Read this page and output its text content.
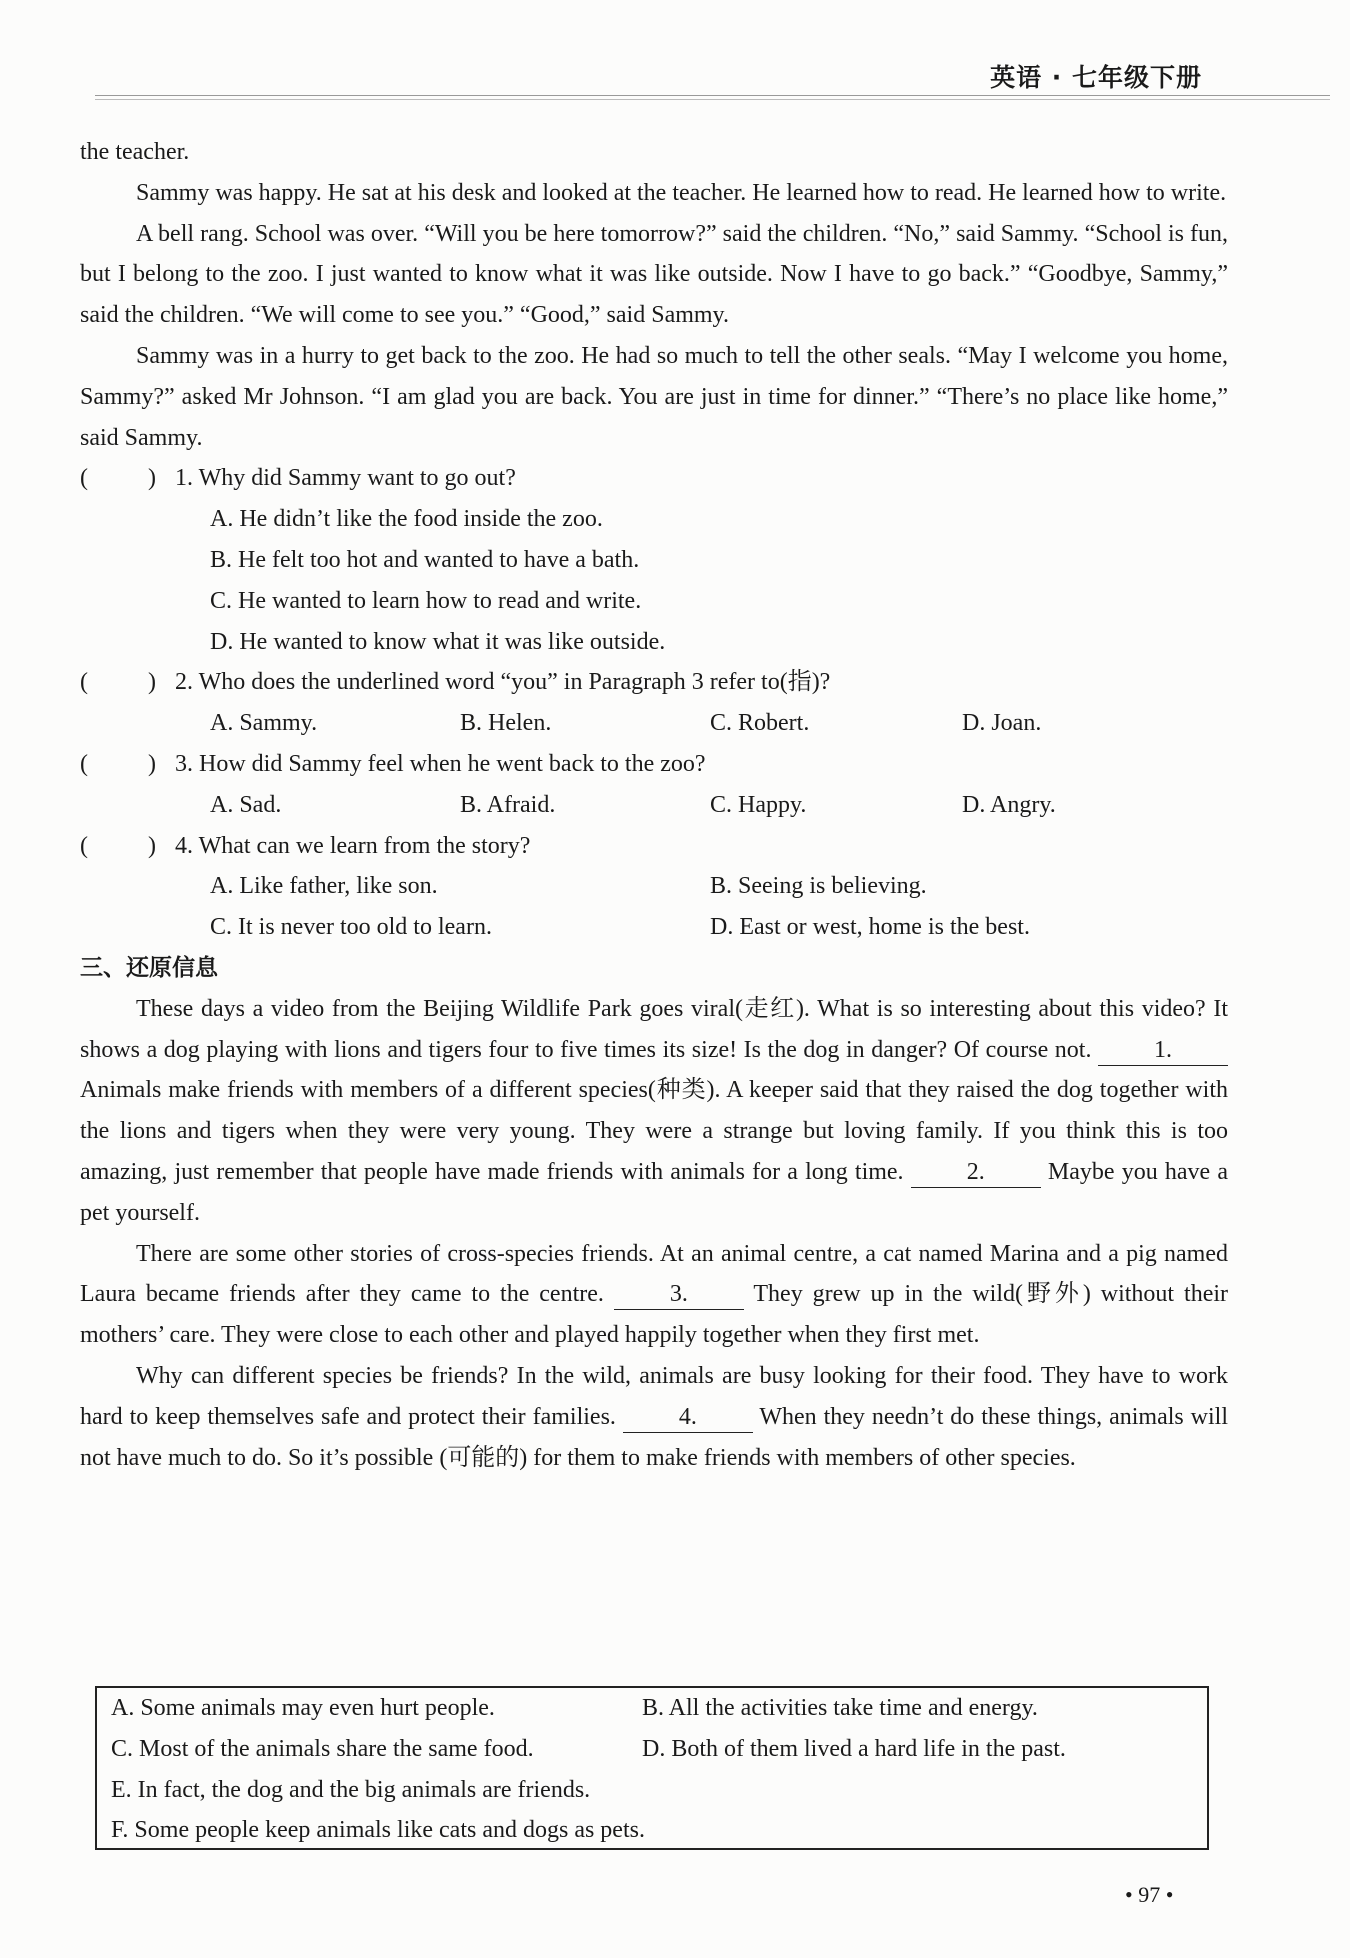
英语 · 七年级下册

the teacher.

Sammy was happy. He sat at his desk and looked at the teacher. He learned how to read. He learned how to write.

A bell rang. School was over. “Will you be here tomorrow?” said the children. “No,” said Sammy. “School is fun, but I belong to the zoo. I just wanted to know what it was like outside. Now I have to go back.” “Goodbye, Sammy,” said the children. “We will come to see you.” “Good,” said Sammy.

Sammy was in a hurry to get back to the zoo. He had so much to tell the other seals. “May I welcome you home, Sammy?” asked Mr Johnson. “I am glad you are back. You are just in time for dinner.” “There’s no place like home,” said Sammy.

(	) 1. Why did Sammy want to go out?
A. He didn’t like the food inside the zoo.
B. He felt too hot and wanted to have a bath.
C. He wanted to learn how to read and write.
D. He wanted to know what it was like outside.
(	) 2. Who does the underlined word “you” in Paragraph 3 refer to(指)?
A. Sammy.	B. Helen.	C. Robert.	D. Joan.
(	) 3. How did Sammy feel when he went back to the zoo?
A. Sad.	B. Afraid.	C. Happy.	D. Angry.
(	) 4. What can we learn from the story?
A. Like father, like son.	B. Seeing is believing.
C. It is never too old to learn.	D. East or west, home is the best.
三、还原信息

These days a video from the Beijing Wildlife Park goes viral(走红). What is so interesting about this video? It shows a dog playing with lions and tigers four to five times its size! Is the dog in danger? Of course not.	1. Animals make friends with members of a different species(种类). A keeper said that they raised the dog together with the lions and tigers when they were very young. They were a strange but loving family. If you think this is too amazing, just remember that people have made friends with animals for a long time.	2.	Maybe you have a pet yourself.

There are some other stories of cross-species friends. At an animal centre, a cat named Marina and a pig named Laura became friends after they came to the centre.	3.	They grew up in the wild(野外) without their mothers’ care. They were close to each other and played happily together when they first met.

Why can different species be friends? In the wild, animals are busy looking for their food. They have to work hard to keep themselves safe and protect their families.	4.	When they needn’t do these things, animals will not have much to do. So it’s possible (可能的) for them to make friends with members of other species.

A. Some animals may even hurt people.	B. All the activities take time and energy.
C. Most of the animals share the same food.	D. Both of them lived a hard life in the past.
E. In fact, the dog and the big animals are friends.
F. Some people keep animals like cats and dogs as pets.
• 97 •
